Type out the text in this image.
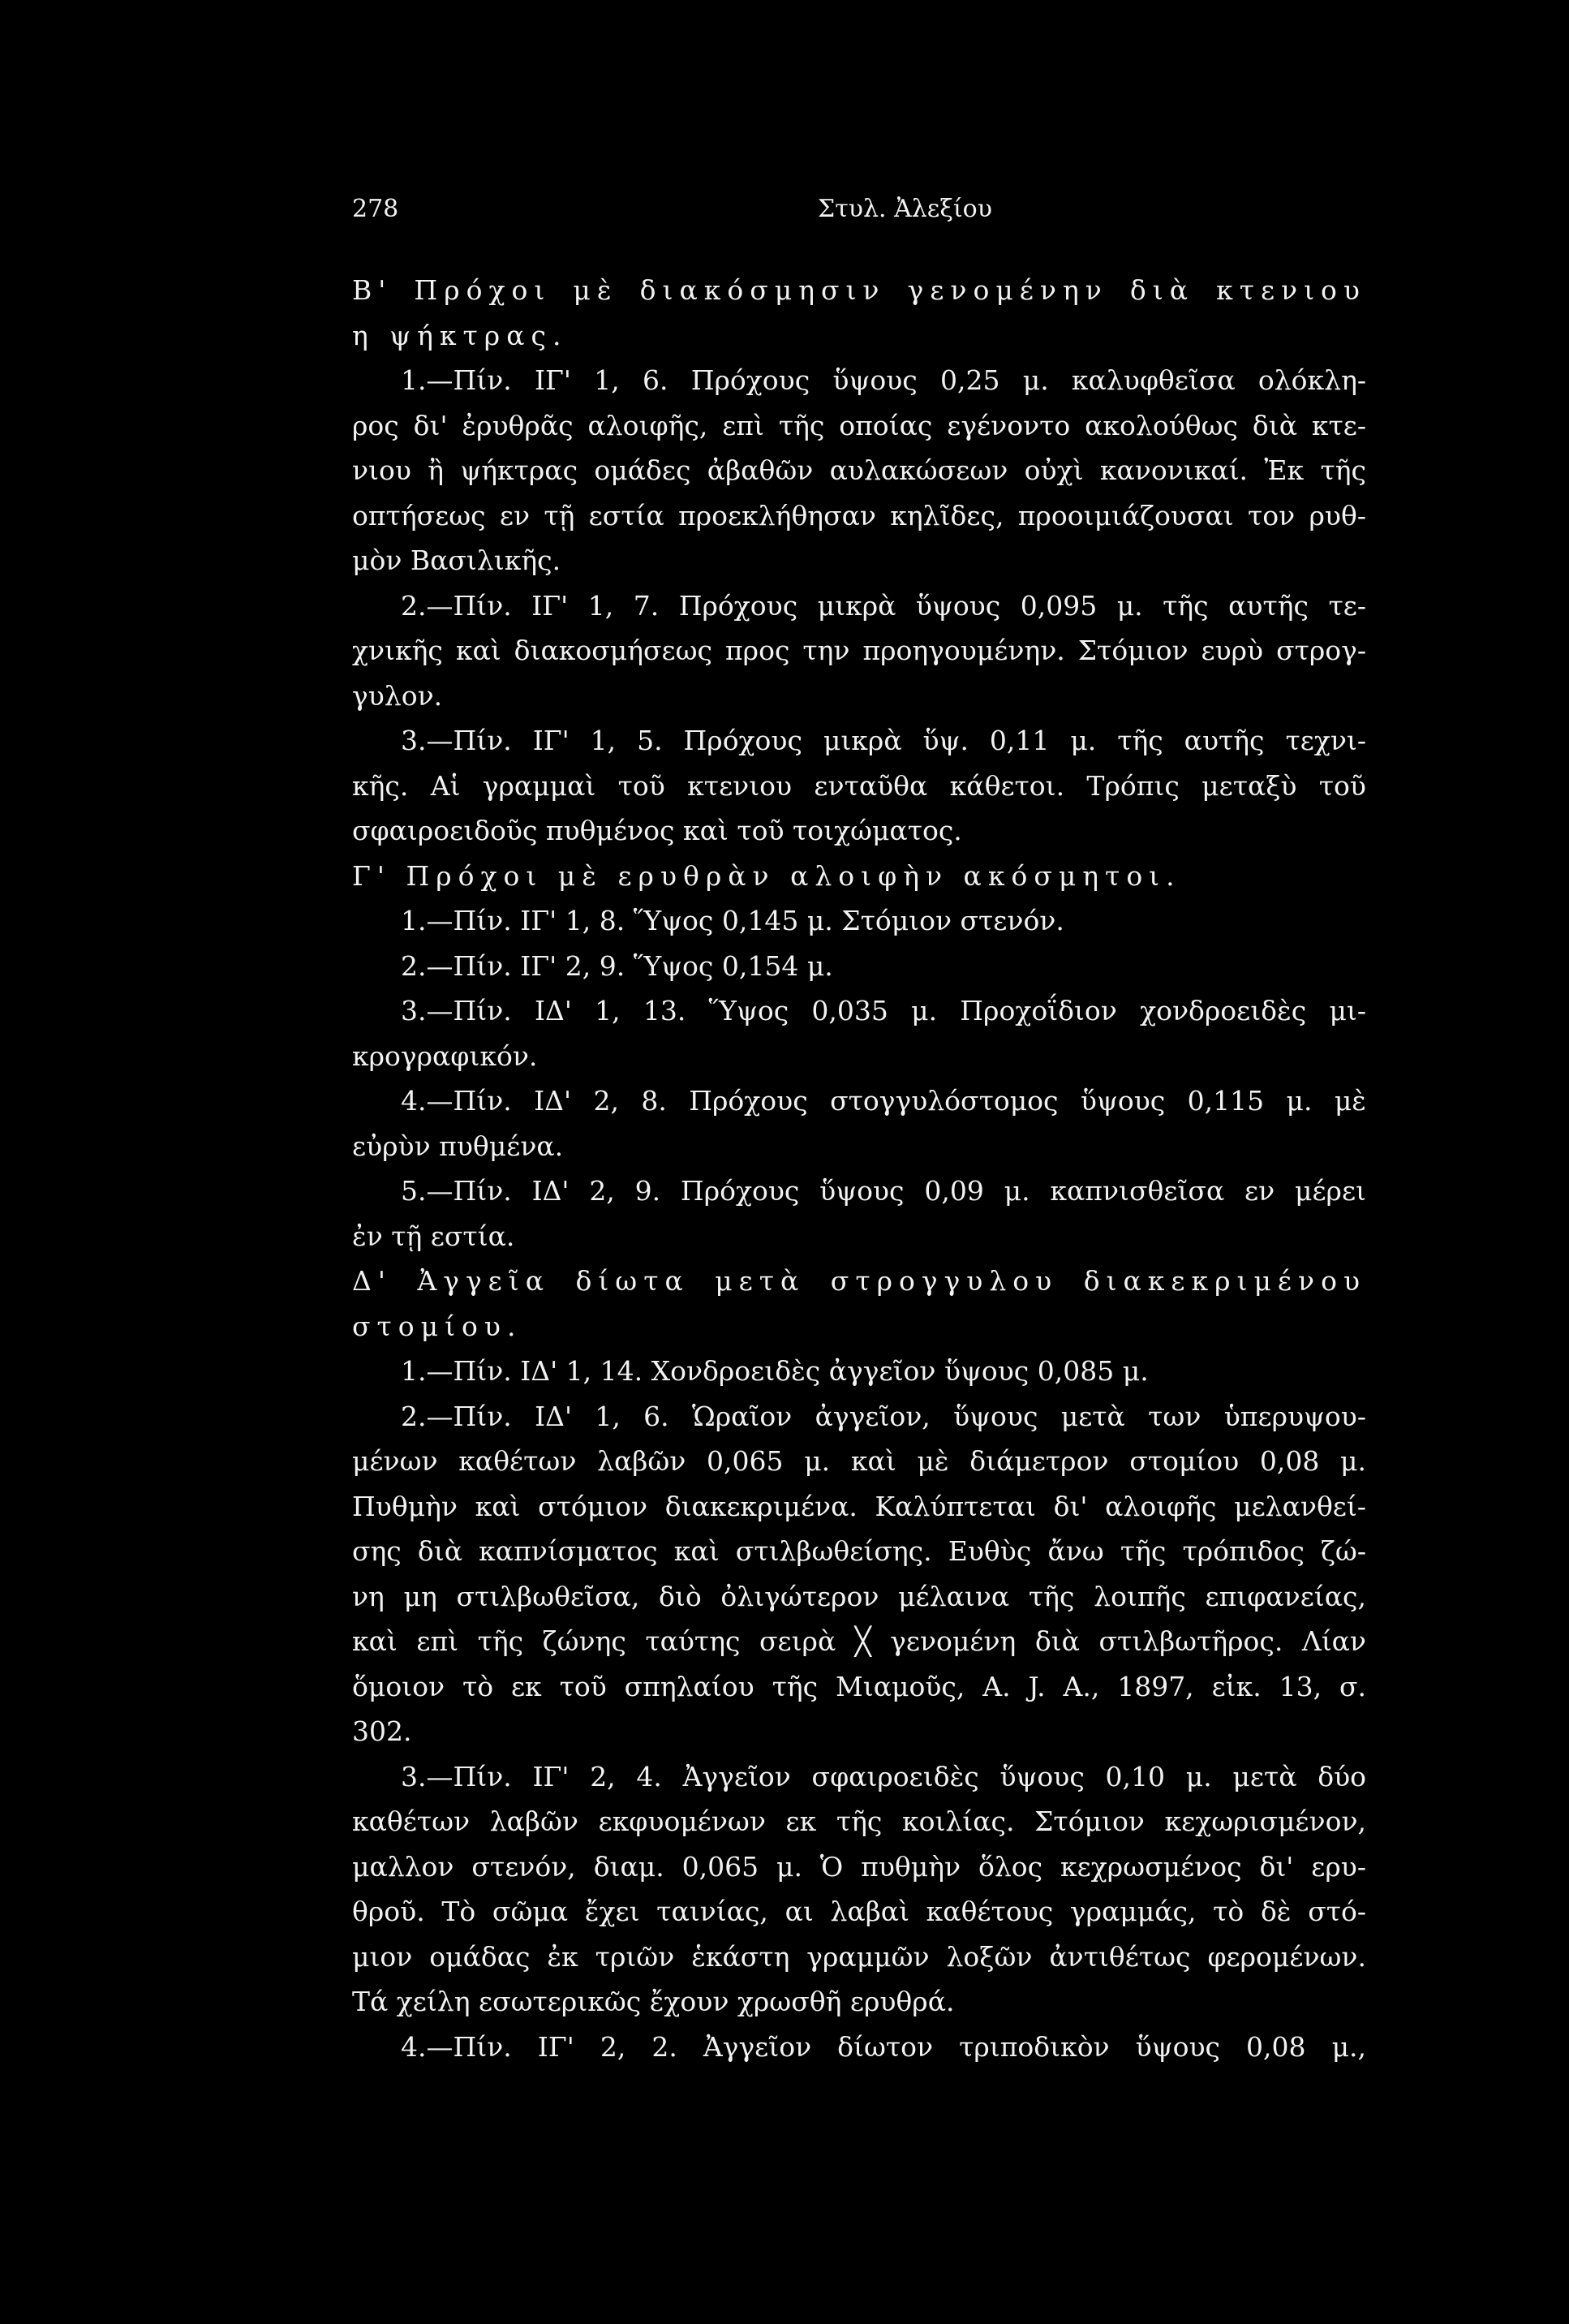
278	Στυλ. Ἀλεξίου
Β' Πρόχοι μὲ διακόσμησιν γενομένην διὰ κτενιου
η ψήκτρας.
1.—Πίν. ΙΓ' 1, 6. Πρόχους ὕψους 0,25 μ. καλυφθεῖσα ολόκλη-
ρος δι' ἐρυθρᾶς αλοιφῆς, επὶ τῆς οποίας εγένοντο ακολούθως διὰ κτε-
νιου ἢ ψήκτρας ομάδες ἀβαθῶν αυλακώσεων οὐχὶ κανονικαί. Ἐκ τῆς
οπτήσεως εν τῇ εστία προεκλήθησαν κηλῖδες, προοιμιάζουσαι τον ρυθ-
μὸν Βασιλικῆς.
2.—Πίν. ΙΓ' 1, 7. Πρόχους μικρὰ ὕψους 0,095 μ. τῆς αυτῆς τε-
χνικῆς καὶ διακοσμήσεως προς την προηγουμένην. Στόμιον ευρὺ στρογ-
γυλον.
3.—Πίν. ΙΓ' 1, 5. Πρόχους μικρὰ ὕψ. 0,11 μ. τῆς αυτῆς τεχνι-
κῆς. Αἱ γραμμαὶ τοῦ κτενιου ενταῦθα κάθετοι. Τρόπις μεταξὺ τοῦ
σφαιροειδοῦς πυθμένος καὶ τοῦ τοιχώματος.
Γ' Πρόχοι μὲ ερυθρὰν αλοιφὴν ακόσμητοι.
1.—Πίν. ΙΓ' 1, 8. Ὕψος 0,145 μ. Στόμιον στενόν.
2.—Πίν. ΙΓ' 2, 9. Ὕψος 0,154 μ.
3.—Πίν. ΙΔ' 1, 13. Ὕψος 0,035 μ. Προχοΐδιον χονδροειδὲς μι-
κρογραφικόν.
4.—Πίν. ΙΔ' 2, 8. Πρόχους στογγυλόστομος ὕψους 0,115 μ. μὲ
εὐρὺν πυθμένα.
5.—Πίν. ΙΔ' 2, 9. Πρόχους ὕψους 0,09 μ. καπνισθεῖσα εν μέρει
ἐν τῇ εστία.
Δ' Ἀγγεῖα δίωτα μετὰ στρογγυλου διακεκριμένου
στομίου.
1.—Πίν. ΙΔ' 1, 14. Χονδροειδὲς ἀγγεῖον ὕψους 0,085 μ.
2.—Πίν. ΙΔ' 1, 6. Ὡραῖον ἀγγεῖον, ὕψους μετὰ των ὑπερυψου-
μένων καθέτων λαβῶν 0,065 μ. καὶ μὲ διάμετρον στομίου 0,08 μ.
Πυθμὴν καὶ στόμιον διακεκριμένα. Καλύπτεται δι' αλοιφῆς μελανθεί-
σης διὰ καπνίσματος καὶ στιλβωθείσης. Ευθὺς ἄνω τῆς τρόπιδος ζώ-
νη μη στιλβωθεῖσα, διὸ ὀλιγώτερον μέλαινα τῆς λοιπῆς επιφανείας,
καὶ επὶ τῆς ζώνης ταύτης σειρὰ ╳ γενομένη διὰ στιλβωτῆρος. Λίαν
ὅμοιον τὸ εκ τοῦ σπηλαίου τῆς Μιαμοῦς, A. J. A., 1897, εἰκ. 13, σ.
302.
3.—Πίν. ΙΓ' 2, 4. Ἀγγεῖον σφαιροειδὲς ὕψους 0,10 μ. μετὰ δύο
καθέτων λαβῶν εκφυομένων εκ τῆς κοιλίας. Στόμιον κεχωρισμένον,
μαλλον στενόν, διαμ. 0,065 μ. Ὁ πυθμὴν ὅλος κεχρωσμένος δι' ερυ-
θροῦ. Τὸ σῶμα ἔχει ταινίας, αι λαβαὶ καθέτους γραμμάς, τὸ δὲ στό-
μιον ομάδας ἐκ τριῶν ἑκάστη γραμμῶν λοξῶν ἀντιθέτως φερομένων.
Τά χείλη εσωτερικῶς ἔχουν χρωσθῆ ερυθρά.
4.—Πίν. ΙΓ' 2, 2. Ἀγγεῖον δίωτον τριποδικὸν ὕψους 0,08 μ.,
